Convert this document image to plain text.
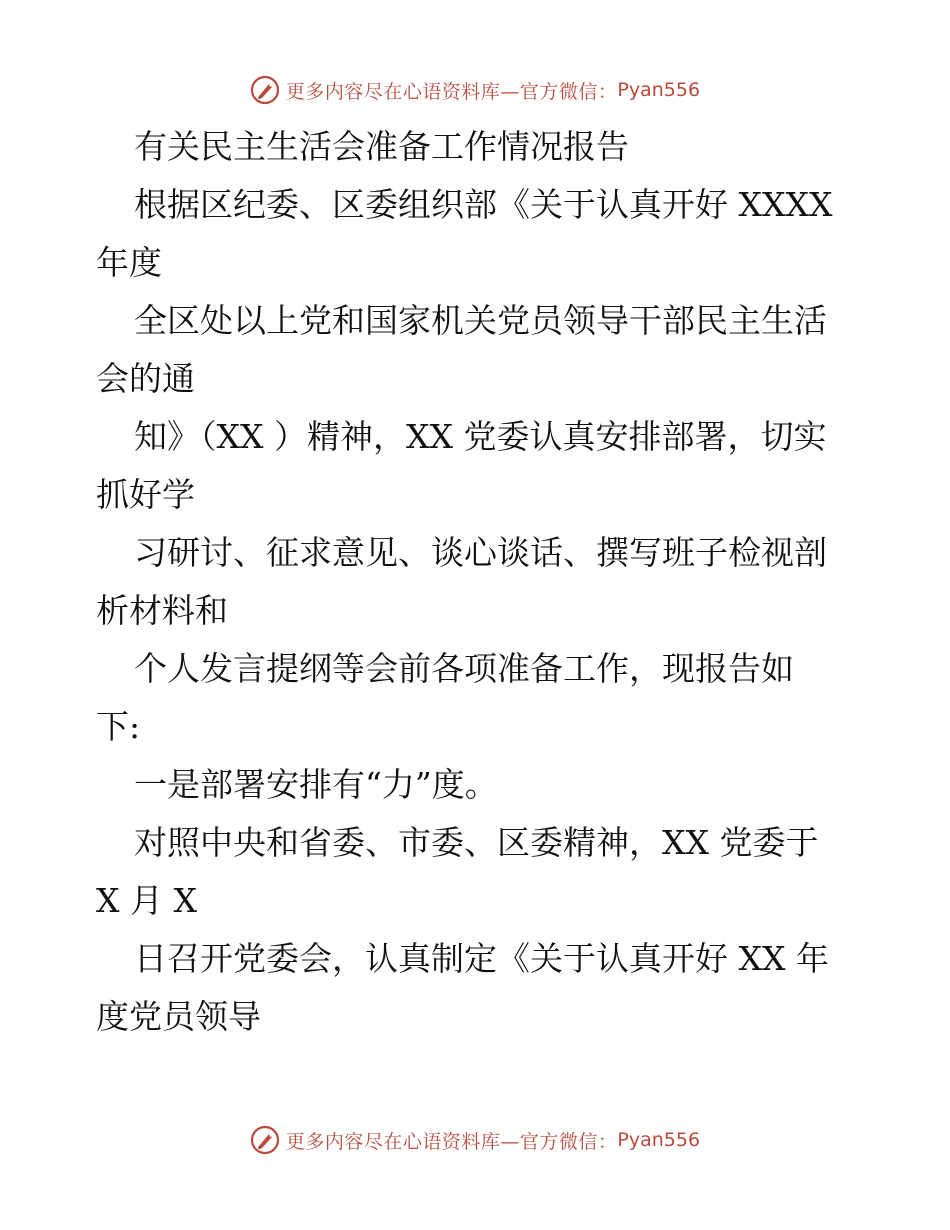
更多内容尽在心语资料库—官方微信： Pyan556
有关民主生活会准备工作情况报告
根据区纪委、区委组织部《关于认真开好 XXXX
年度
全区处以上党和国家机关党员领导干部民主生活
会的通
知》（XX ）精神，XX 党委认真安排部署，切实
抓好学
习研讨、征求意见、谈心谈话、撰写班子检视剖
析材料和
个人发言提纲等会前各项准备工作，现报告如
下:
一是部署安排有“力”度。
对照中央和省委、市委、区委精神，XX 党委于
X 月 X
日召开党委会，认真制定《关于认真开好 XX 年
度党员领导
更多内容尽在心语资料库—官方微信： Pyan556
